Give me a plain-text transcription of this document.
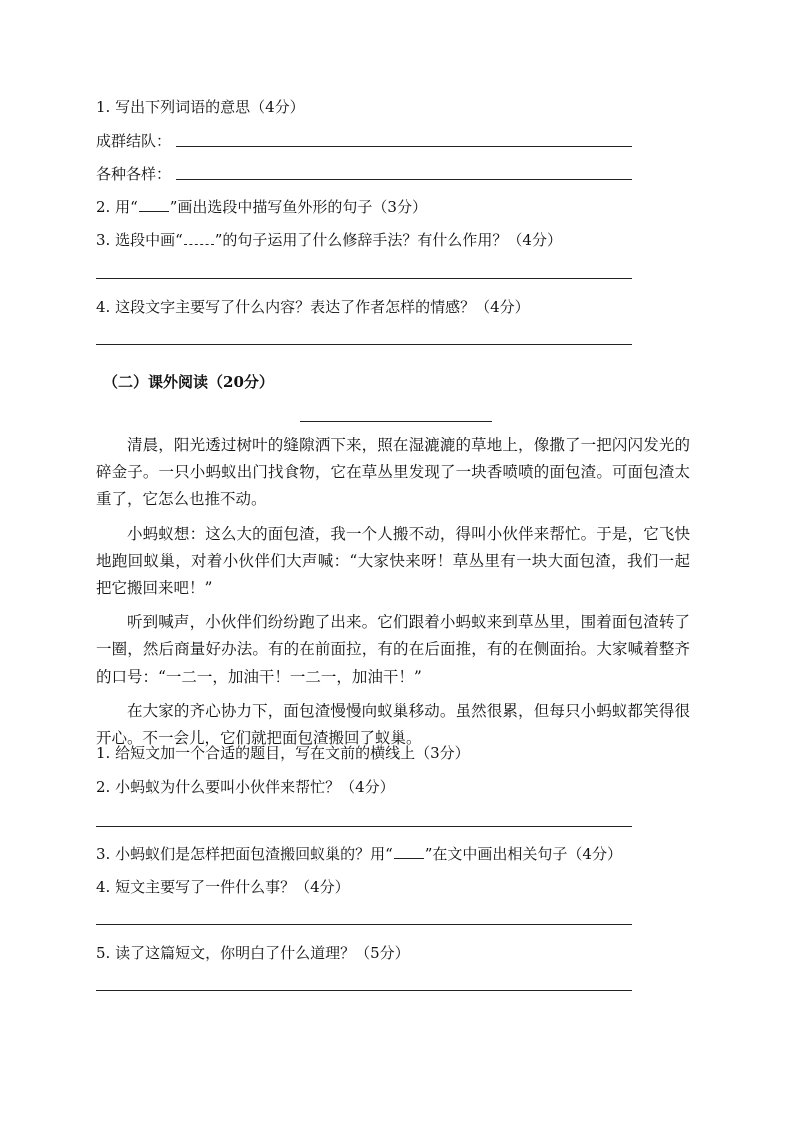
1. 写出下列词语的意思（4分）
成群结队：
各种各样：
2. 用“ ”画出选段中描写鱼外形的句子（3分）
3. 选段中画“ ”的句子运用了什么修辞手法？有什么作用？（4分）
4. 这段文字主要写了什么内容？表达了作者怎样的情感？（4分）
（二）课外阅读（20分）

清晨，阳光透过树叶的缝隙洒下来，照在湿漉漉的草地上，像撒了一把闪闪发光的碎金子。一只小蚂蚁出门找食物，它在草丛里发现了一块香喷喷的面包渣。可面包渣太重了，它怎么也推不动。

小蚂蚁想：这么大的面包渣，我一个人搬不动，得叫小伙伴来帮忙。于是，它飞快地跑回蚁巢，对着小伙伴们大声喊：“大家快来呀！草丛里有一块大面包渣，我们一起把它搬回来吧！”

听到喊声，小伙伴们纷纷跑了出来。它们跟着小蚂蚁来到草丛里，围着面包渣转了一圈，然后商量好办法。有的在前面拉，有的在后面推，有的在侧面抬。大家喊着整齐的口号：“一二一，加油干！一二一，加油干！”

在大家的齐心协力下，面包渣慢慢向蚁巢移动。虽然很累，但每只小蚂蚁都笑得很开心。不一会儿，它们就把面包渣搬回了蚁巢。

1. 给短文加一个合适的题目，写在文前的横线上（3分）
2. 小蚂蚁为什么要叫小伙伴来帮忙？（4分）
3. 小蚂蚁们是怎样把面包渣搬回蚁巢的？用“ ”在文中画出相关句子（4分）
4. 短文主要写了一件什么事？（4分）
5. 读了这篇短文，你明白了什么道理？（5分）
